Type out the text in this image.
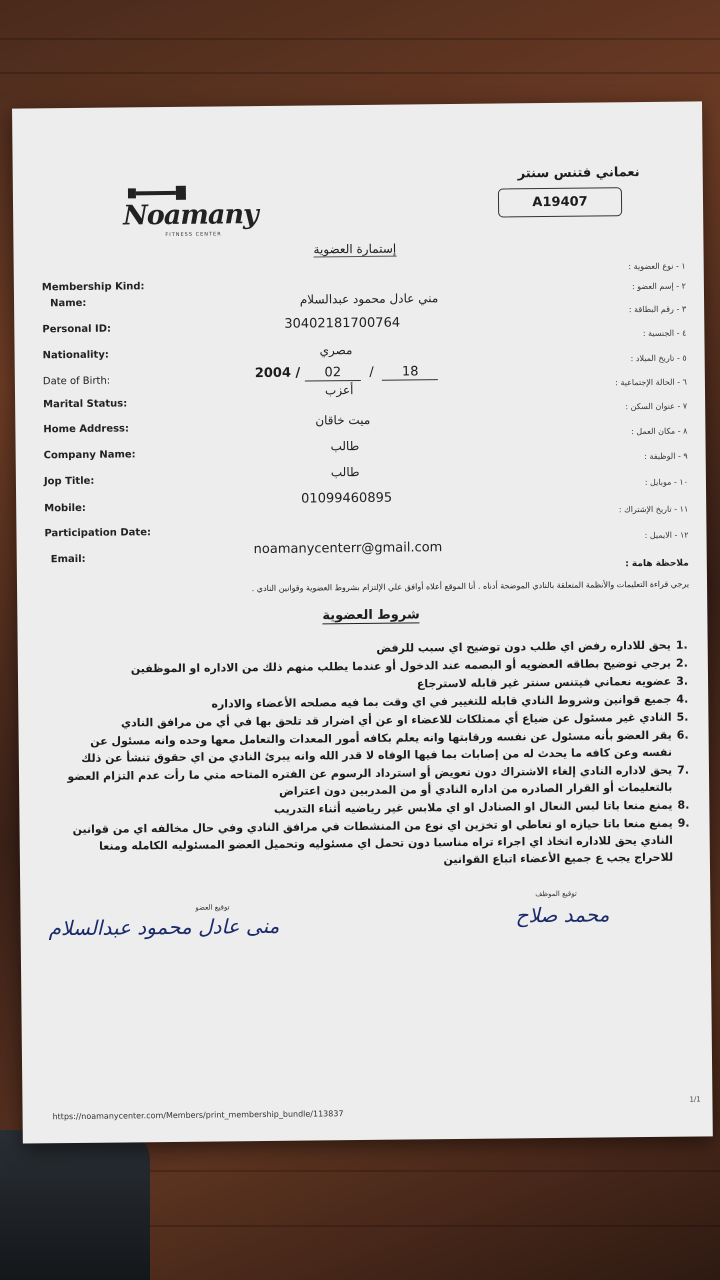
Noamany
FITNESS CENTER
نعماني فتنس سنتر
A19407
إستمارة العضوية
Membership Kind:
١ - نوع العضوية :
Name:
٢ - إسم العضو :
مني عادل محمود عبدالسلام
Personal ID:
٣ - رقم البطاقة :
30402181700764
Nationality:
٤ - الجنسية :
مصري
Date of Birth:
٥ - تاريخ الميلاد :
2004 / 02 / 18
Marital Status:
٦ - الحالة الإجتماعية :
أعزب
Home Address:
٧ - عنوان السكن :
ميت خاقان
Company Name:
٨ - مكان العمل :
طالب
Jop Title:
٩ - الوظيفة :
طالب
Mobile:
١٠ - موبايل :
01099460895
Participation Date:
١١ - تاريخ الإشتراك :
Email:
١٢ - الايميل :
noamanycenterr@gmail.com
ملاحظة هامة :
يرجي قراءة التعليمات والأنظمة المتعلقة بالنادي الموضحة أدناه . أنا الموقع أعلاه أوافق علي الإلتزام بشروط العضوية وقوانين النادي .
شروط العضوية
1.
يحق للاداره رفض اي طلب دون توضيح اي سبب للرفض
2.
يرجي توضيح بطاقه العضويه أو البصمه عند الدخول أو عندما يطلب منهم ذلك من الاداره او الموظفين
3.
عضويه نعماني فيتنس سنتر غير قابله لاسترجاع
4.
جميع قوانين وشروط النادي قابله للتغيير في اي وقت بما فيه مصلحه الأعضاء والاداره
5.
النادي غير مسئول عن ضياع أي ممتلكات للاعضاء او عن أي اضرار قد تلحق بها في أي من مرافق النادي
6.
يقر العضو بأنه مسئول عن نفسه ورقابتها وانه يعلم بكافه أمور المعدات والتعامل معها وحده وانه مسئول عن نفسه وعن كافه ما يحدث له من إصابات بما فيها الوفاه لا قدر الله وانه يبرئ النادي من اي حقوق تنشأ عن ذلك
7.
يحق لاداره النادي إلغاء الاشتراك دون تعويض أو استرداد الرسوم عن الفتره المتاحه متي ما رأت عدم التزام العضو بالتعليمات أو القرار الصادره من اداره النادي أو من المدربين دون اعتراض
8.
يمنع منعا باتا لبس النعال او الصنادل او اي ملابس غير رياضيه أثناء التدريب
9.
يمنع منعا باتا حيازه او تعاطي او تخزين اي نوع من المنشطات في مرافق النادي وفي حال مخالفه اي من قوانين النادي يحق للاداره اتخاذ اي اجراء تراه مناسبا دون تحمل اي مسئوليه وتحميل العضو المسئوليه الكامله ومنعا للاحراج يجب ع جميع الأعضاء اتباع القوانين
توقيع الموظف
محمد صلاح
توقيع العضو
منى عادل محمود عبدالسلام
https://noamanycenter.com/Members/print_membership_bundle/113837
1/1
